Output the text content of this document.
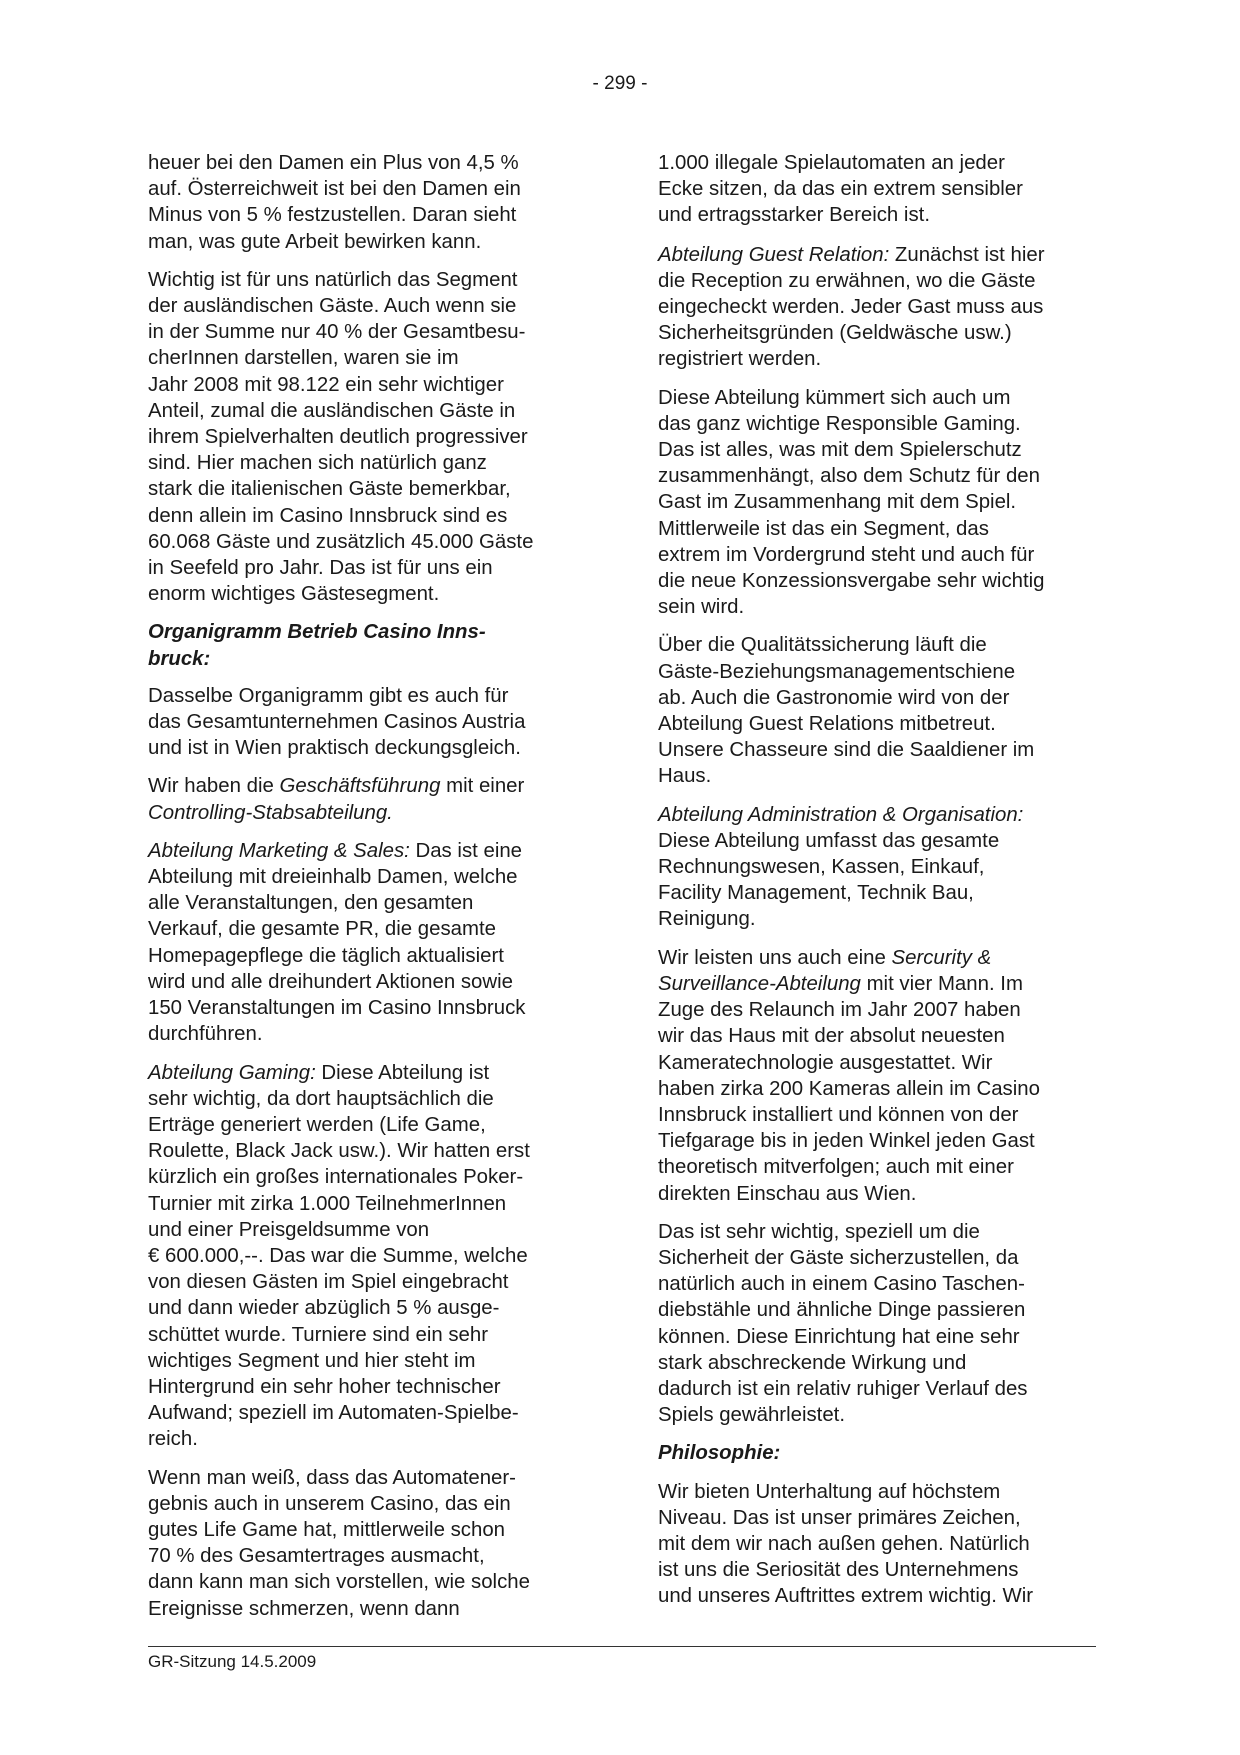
- 299 -

heuer bei den Damen ein Plus von 4,5 %
auf. Österreichweit ist bei den Damen ein
Minus von 5 % festzustellen. Daran sieht
man, was gute Arbeit bewirken kann.

Wichtig ist für uns natürlich das Segment
der ausländischen Gäste. Auch wenn sie
in der Summe nur 40 % der Gesamtbesu-
cherInnen darstellen, waren sie im
Jahr 2008 mit 98.122 ein sehr wichtiger
Anteil, zumal die ausländischen Gäste in
ihrem Spielverhalten deutlich progressiver
sind. Hier machen sich natürlich ganz
stark die italienischen Gäste bemerkbar,
denn allein im Casino Innsbruck sind es
60.068 Gäste und zusätzlich 45.000 Gäste
in Seefeld pro Jahr. Das ist für uns ein
enorm wichtiges Gästesegment.

Organigramm Betrieb Casino Inns-
bruck:

Dasselbe Organigramm gibt es auch für
das Gesamtunternehmen Casinos Austria
und ist in Wien praktisch deckungsgleich.

Wir haben die Geschäftsführung mit einer
Controlling-Stabsabteilung.

Abteilung Marketing & Sales: Das ist eine
Abteilung mit dreieinhalb Damen, welche
alle Veranstaltungen, den gesamten
Verkauf, die gesamte PR, die gesamte
Homepagepflege die täglich aktualisiert
wird und alle dreihundert Aktionen sowie
150 Veranstaltungen im Casino Innsbruck
durchführen.

Abteilung Gaming: Diese Abteilung ist
sehr wichtig, da dort hauptsächlich die
Erträge generiert werden (Life Game,
Roulette, Black Jack usw.). Wir hatten erst
kürzlich ein großes internationales Poker-
Turnier mit zirka 1.000 TeilnehmerInnen
und einer Preisgeldsumme von
€ 600.000,--. Das war die Summe, welche
von diesen Gästen im Spiel eingebracht
und dann wieder abzüglich 5 % ausge-
schüttet wurde. Turniere sind ein sehr
wichtiges Segment und hier steht im
Hintergrund ein sehr hoher technischer
Aufwand; speziell im Automaten-Spielbe-
reich.

Wenn man weiß, dass das Automatener-
gebnis auch in unserem Casino, das ein
gutes Life Game hat, mittlerweile schon
70 % des Gesamtertrages ausmacht,
dann kann man sich vorstellen, wie solche
Ereignisse schmerzen, wenn dann

1.000 illegale Spielautomaten an jeder
Ecke sitzen, da das ein extrem sensibler
und ertragsstarker Bereich ist.

Abteilung Guest Relation: Zunächst ist hier
die Reception zu erwähnen, wo die Gäste
eingecheckt werden. Jeder Gast muss aus
Sicherheitsgründen (Geldwäsche usw.)
registriert werden.

Diese Abteilung kümmert sich auch um
das ganz wichtige Responsible Gaming.
Das ist alles, was mit dem Spielerschutz
zusammenhängt, also dem Schutz für den
Gast im Zusammenhang mit dem Spiel.
Mittlerweile ist das ein Segment, das
extrem im Vordergrund steht und auch für
die neue Konzessionsvergabe sehr wichtig
sein wird.

Über die Qualitätssicherung läuft die
Gäste-Beziehungsmanagementschiene
ab. Auch die Gastronomie wird von der
Abteilung Guest Relations mitbetreut.
Unsere Chasseure sind die Saaldiener im
Haus.

Abteilung Administration & Organisation:
Diese Abteilung umfasst das gesamte
Rechnungswesen, Kassen, Einkauf,
Facility Management, Technik Bau,
Reinigung.

Wir leisten uns auch eine Sercurity &
Surveillance-Abteilung mit vier Mann. Im
Zuge des Relaunch im Jahr 2007 haben
wir das Haus mit der absolut neuesten
Kameratechnologie ausgestattet. Wir
haben zirka 200 Kameras allein im Casino
Innsbruck installiert und können von der
Tiefgarage bis in jeden Winkel jeden Gast
theoretisch mitverfolgen; auch mit einer
direkten Einschau aus Wien.

Das ist sehr wichtig, speziell um die
Sicherheit der Gäste sicherzustellen, da
natürlich auch in einem Casino Taschen-
diebstähle und ähnliche Dinge passieren
können. Diese Einrichtung hat eine sehr
stark abschreckende Wirkung und
dadurch ist ein relativ ruhiger Verlauf des
Spiels gewährleistet.

Philosophie:

Wir bieten Unterhaltung auf höchstem
Niveau. Das ist unser primäres Zeichen,
mit dem wir nach außen gehen. Natürlich
ist uns die Seriosität des Unternehmens
und unseres Auftrittes extrem wichtig. Wir

GR-Sitzung 14.5.2009
